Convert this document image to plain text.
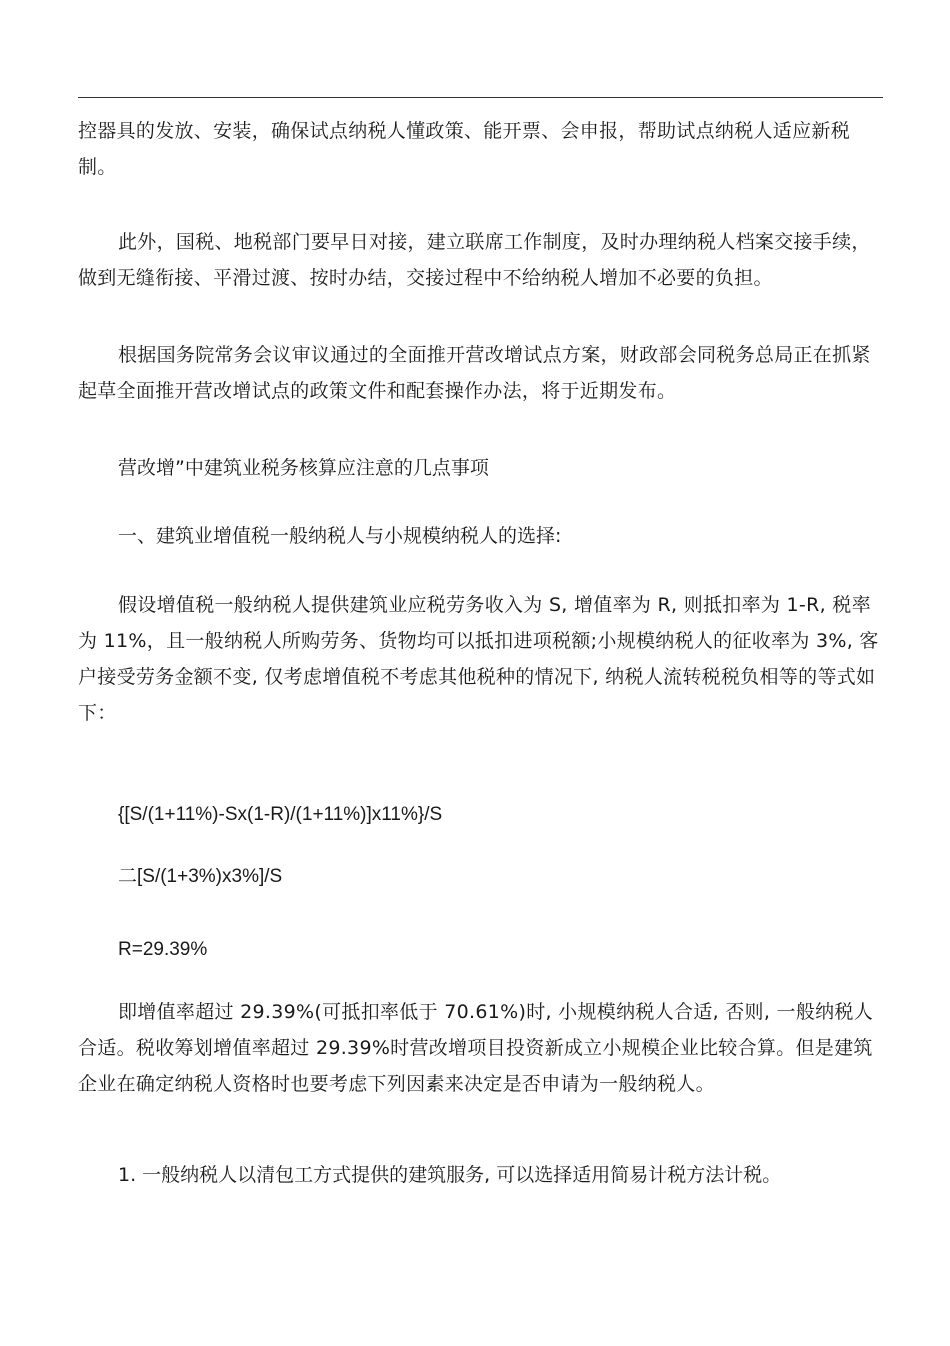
控器具的发放、安装，确保试点纳税人懂政策、能开票、会申报，帮助试点纳税人适应新税制。

此外，国税、地税部门要早日对接，建立联席工作制度，及时办理纳税人档案交接手续，做到无缝衔接、平滑过渡、按时办结，交接过程中不给纳税人增加不必要的负担。

根据国务院常务会议审议通过的全面推开营改增试点方案，财政部会同税务总局正在抓紧起草全面推开营改增试点的政策文件和配套操作办法，将于近期发布。

营改增”中建筑业税务核算应注意的几点事项

一、建筑业增值税一般纳税人与小规模纳税人的选择:

假设增值税一般纳税人提供建筑业应税劳务收入为 S, 增值率为 R, 则抵扣率为 1-R, 税率为 11%，且一般纳税人所购劳务、货物均可以抵扣进项税额;小规模纳税人的征收率为 3%, 客户接受劳务金额不变, 仅考虑增值税不考虑其他税种的情况下, 纳税人流转税税负相等的等式如下：

{[S/(1+11%)-Sx(1-R)/(1+11%)]x11%}/S

二[S/(1+3%)x3%]/S

R=29.39%

即增值率超过 29.39%(可抵扣率低于 70.61%)时, 小规模纳税人合适, 否则, 一般纳税人合适。税收筹划增值率超过 29.39%时营改增项目投资新成立小规模企业比较合算。但是建筑企业在确定纳税人资格时也要考虑下列因素来决定是否申请为一般纳税人。

1. 一般纳税人以清包工方式提供的建筑服务, 可以选择适用简易计税方法计税。
